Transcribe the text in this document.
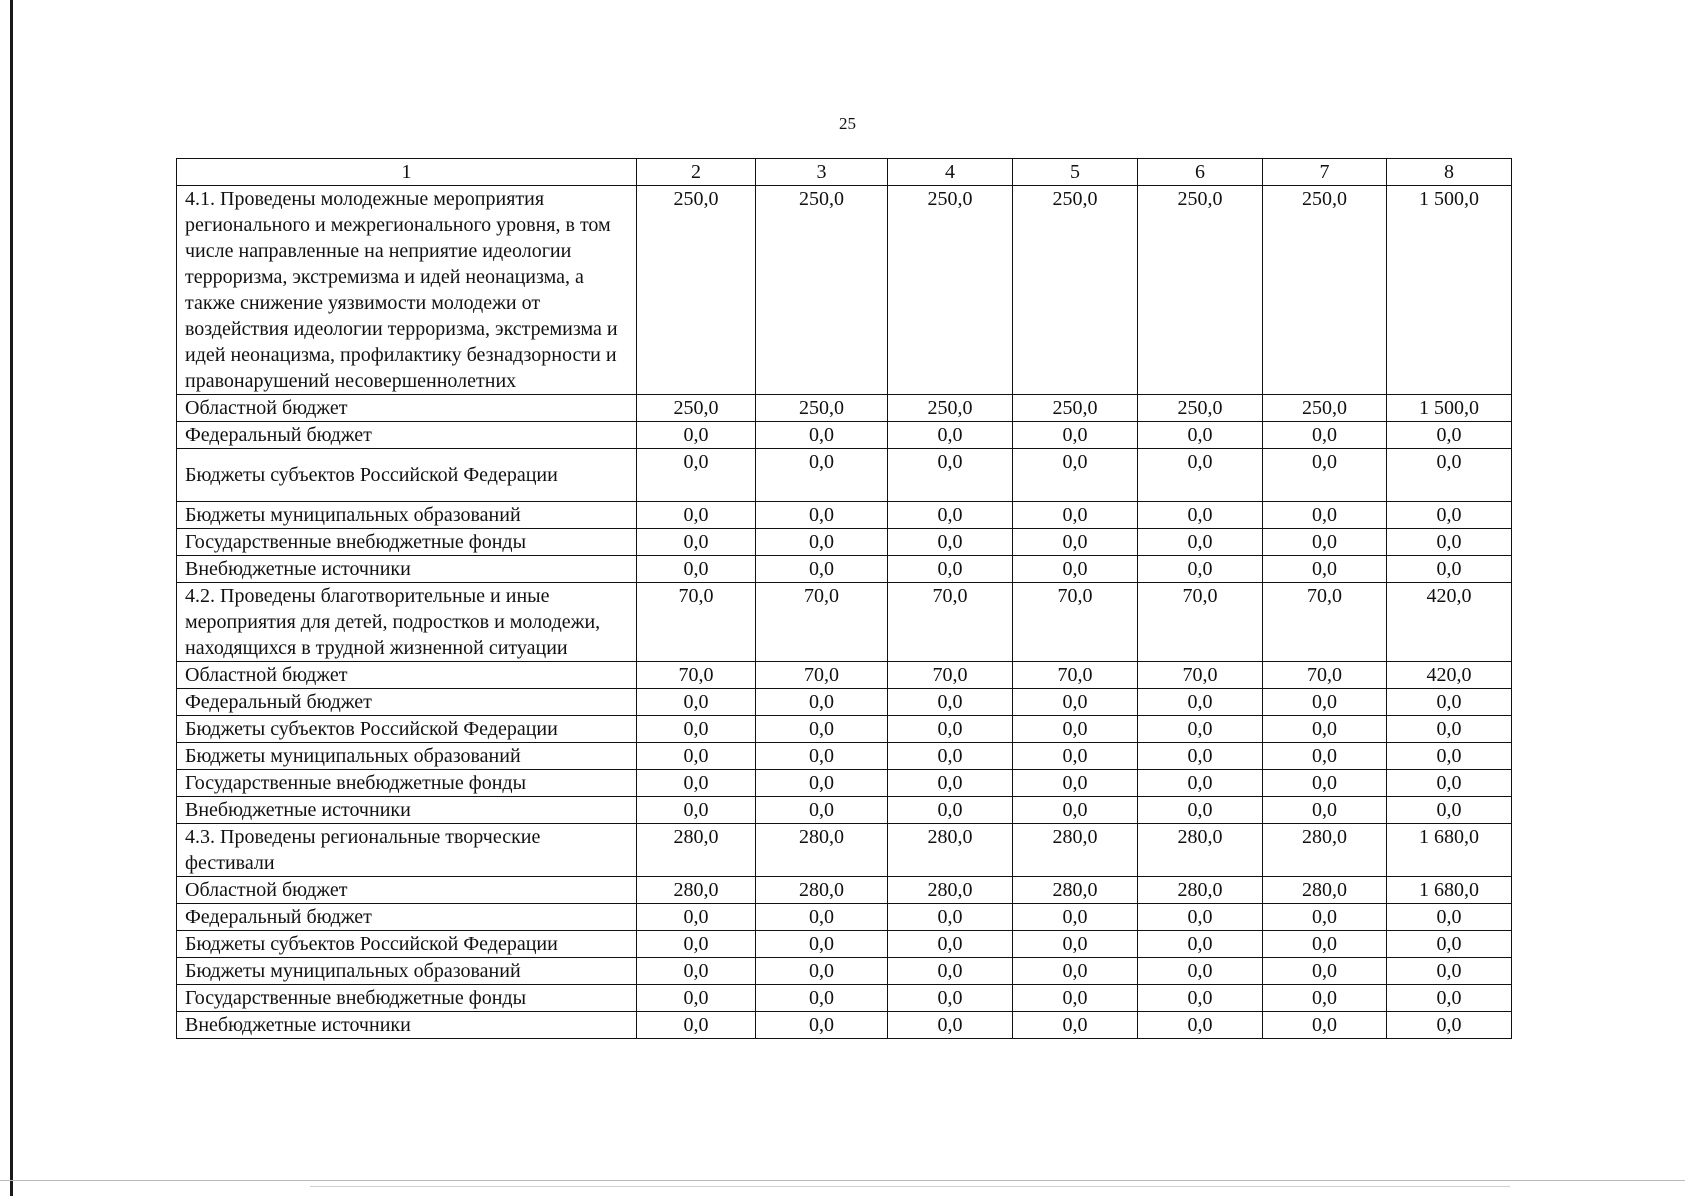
25
1	2	3	4	5	6	7	8
4.1. Проведены молодежные мероприятия регионального и межрегионального уровня, в том числе направленные на неприятие идеологии терроризма, экстремизма и идей неонацизма, а также снижение уязвимости молодежи от воздействия идеологии терроризма, экстремизма и идей неонацизма, профилактику безнадзорности и правонарушений несовершеннолетних	250,0	250,0	250,0	250,0	250,0	250,0	1 500,0
Областной бюджет	250,0	250,0	250,0	250,0	250,0	250,0	1 500,0
Федеральный бюджет	0,0	0,0	0,0	0,0	0,0	0,0	0,0
Бюджеты субъектов Российской Федерации	0,0	0,0	0,0	0,0	0,0	0,0	0,0
Бюджеты муниципальных образований	0,0	0,0	0,0	0,0	0,0	0,0	0,0
Государственные внебюджетные фонды	0,0	0,0	0,0	0,0	0,0	0,0	0,0
Внебюджетные источники	0,0	0,0	0,0	0,0	0,0	0,0	0,0
4.2. Проведены благотворительные и иные мероприятия для детей, подростков и молодежи, находящихся в трудной жизненной ситуации	70,0	70,0	70,0	70,0	70,0	70,0	420,0
Областной бюджет	70,0	70,0	70,0	70,0	70,0	70,0	420,0
Федеральный бюджет	0,0	0,0	0,0	0,0	0,0	0,0	0,0
Бюджеты субъектов Российской Федерации	0,0	0,0	0,0	0,0	0,0	0,0	0,0
Бюджеты муниципальных образований	0,0	0,0	0,0	0,0	0,0	0,0	0,0
Государственные внебюджетные фонды	0,0	0,0	0,0	0,0	0,0	0,0	0,0
Внебюджетные источники	0,0	0,0	0,0	0,0	0,0	0,0	0,0
4.3. Проведены региональные творческие фестивали	280,0	280,0	280,0	280,0	280,0	280,0	1 680,0
Областной бюджет	280,0	280,0	280,0	280,0	280,0	280,0	1 680,0
Федеральный бюджет	0,0	0,0	0,0	0,0	0,0	0,0	0,0
Бюджеты субъектов Российской Федерации	0,0	0,0	0,0	0,0	0,0	0,0	0,0
Бюджеты муниципальных образований	0,0	0,0	0,0	0,0	0,0	0,0	0,0
Государственные внебюджетные фонды	0,0	0,0	0,0	0,0	0,0	0,0	0,0
Внебюджетные источники	0,0	0,0	0,0	0,0	0,0	0,0	0,0
